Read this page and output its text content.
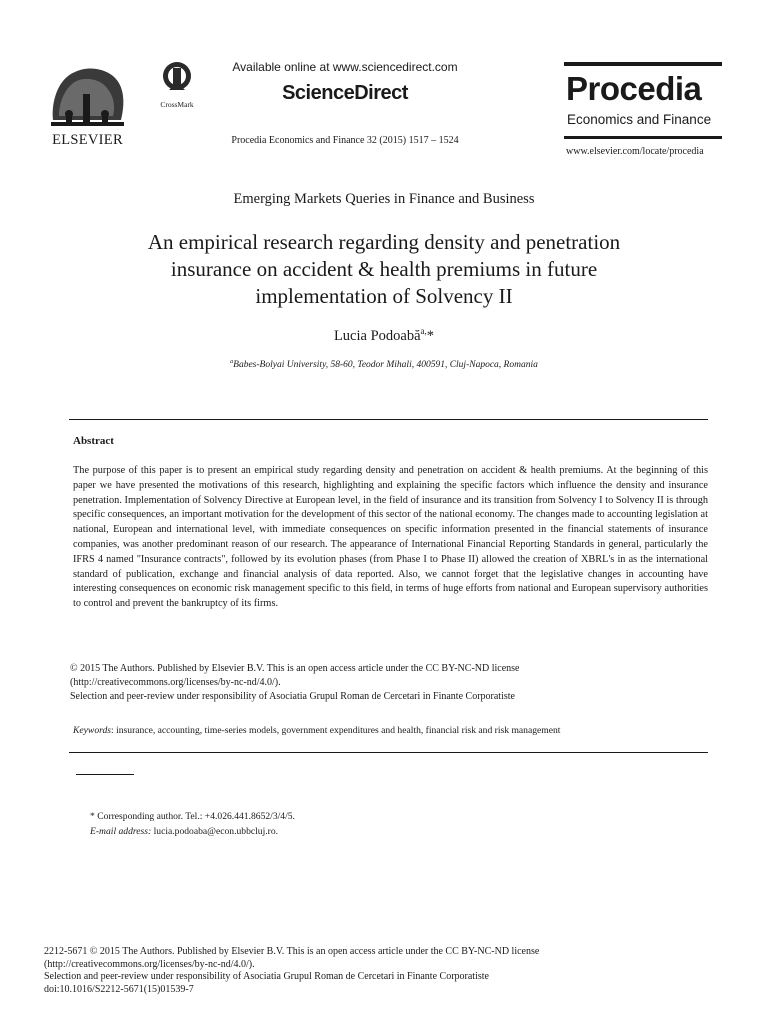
ELSEVIER
CrossMark
Available online at www.sciencedirect.com
ScienceDirect
Procedia Economics and Finance 32 (2015) 1517 – 1524
Procedia
Economics and Finance
www.elsevier.com/locate/procedia
Emerging Markets Queries in Finance and Business
An empirical research regarding density and penetration
insurance on accident & health premiums in future
implementation of Solvency II
Lucia Podoabă$^{a,}$*
$^a$Babes-Bolyai University, 58-60, Teodor Mihali, 400591, Cluj-Napoca, Romania
Abstract
The purpose of this paper is to present an empirical study regarding density and penetration on accident & health premiums. At the beginning of this paper we have presented the motivations of this research, highlighting and explaining the specific factors which influence the density and insurance penetration. Implementation of Solvency Directive at European level, in the field of insurance and its transition from Solvency I to Solvency II is through specific consequences, an important motivation for the development of this sector of the national economy. The changes made to accounting legislation at national, European and international level, with immediate consequences on specific information presented in the financial statements of insurance companies, was another predominant reason of our research. The appearance of International Financial Reporting Standards in general, particularly the IFRS 4 named "Insurance contracts", followed by its evolution phases (from Phase I to Phase II) allowed the creation of XBRL's in as the international standard of publication, exchange and financial analysis of data reported. Also, we cannot forget that the legislative changes in accounting have interesting consequences on economic risk management specific to this field, in terms of huge efforts from national and European supervisory authorities to control and prevent the bankruptcy of its firms.
© 2015 The Authors. Published by Elsevier B.V. This is an open access article under the CC BY-NC-ND license
(http://creativecommons.org/licenses/by-nc-nd/4.0/).
Selection and peer-review under responsibility of Asociatia Grupul Roman de Cercetari in Finante Corporatiste
Keywords: insurance, accounting, time-series models, government expenditures and health, financial risk and risk management
* Corresponding author. Tel.: +4.026.441.8652/3/4/5.
E-mail address: lucia.podoaba@econ.ubbcluj.ro.
2212-5671 © 2015 The Authors. Published by Elsevier B.V. This is an open access article under the CC BY-NC-ND license
(http://creativecommons.org/licenses/by-nc-nd/4.0/).
Selection and peer-review under responsibility of Asociatia Grupul Roman de Cercetari in Finante Corporatiste
doi:10.1016/S2212-5671(15)01539-7
